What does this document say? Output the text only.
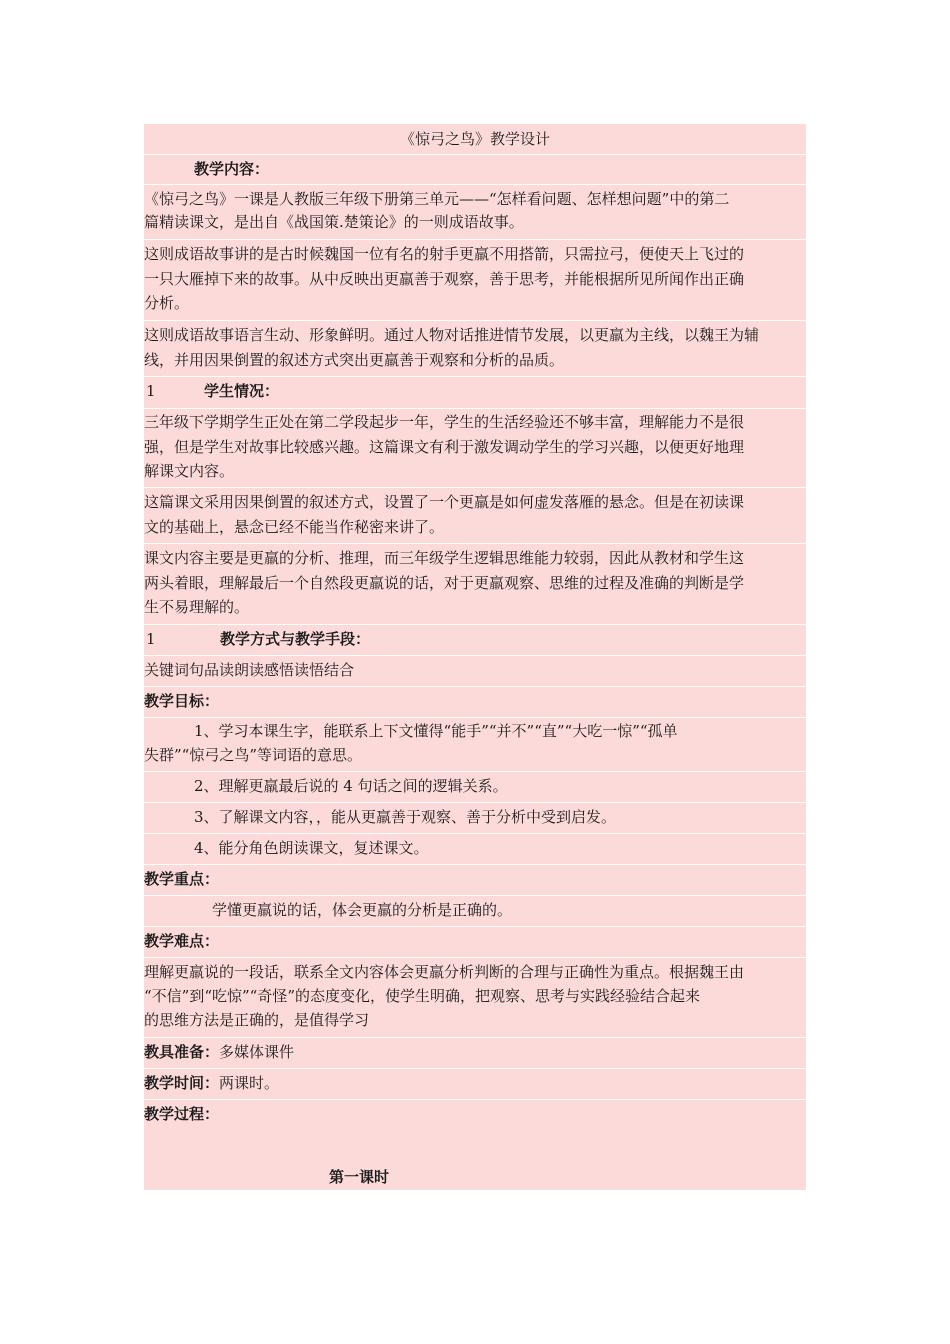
《惊弓之鸟》教学设计
教学内容：
《惊弓之鸟》一课是人教版三年级下册第三单元——“怎样看问题、怎样想问题”中的第二
篇精读课文，是出自《战国策.楚策论》的一则成语故事。
这则成语故事讲的是古时候魏国一位有名的射手更羸不用搭箭，只需拉弓，便使天上飞过的
一只大雁掉下来的故事。从中反映出更羸善于观察，善于思考，并能根据所见所闻作出正确
分析。
这则成语故事语言生动、形象鲜明。通过人物对话推进情节发展，以更羸为主线，以魏王为辅
线，并用因果倒置的叙述方式突出更羸善于观察和分析的品质。
1	学生情况：
三年级下学期学生正处在第二学段起步一年，学生的生活经验还不够丰富，理解能力不是很
强，但是学生对故事比较感兴趣。这篇课文有利于激发调动学生的学习兴趣，以便更好地理
解课文内容。
这篇课文采用因果倒置的叙述方式，设置了一个更羸是如何虚发落雁的悬念。但是在初读课
文的基础上，悬念已经不能当作秘密来讲了。
课文内容主要是更羸的分析、推理，而三年级学生逻辑思维能力较弱，因此从教材和学生这
两头着眼，理解最后一个自然段更羸说的话，对于更羸观察、思维的过程及准确的判断是学
生不易理解的。
1	教学方式与教学手段：
关键词句品读朗读感悟读悟结合
教学目标：
1、学习本课生字，能联系上下文懂得“能手”“并不”“直”“大吃一惊”“孤单
失群”“惊弓之鸟”等词语的意思。
2、理解更羸最后说的 4 句话之间的逻辑关系。
3、了解课文内容，，能从更羸善于观察、善于分析中受到启发。
4、能分角色朗读课文，复述课文。
教学重点：
学懂更羸说的话，体会更羸的分析是正确的。
教学难点：
理解更羸说的一段话，联系全文内容体会更羸分析判断的合理与正确性为重点。根据魏王由
“不信”到“吃惊”“奇怪”的态度变化，使学生明确，把观察、思考与实践经验结合起来
的思维方法是正确的，是值得学习
教具准备：多媒体课件
教学时间：两课时。
教学过程：
第一课时
